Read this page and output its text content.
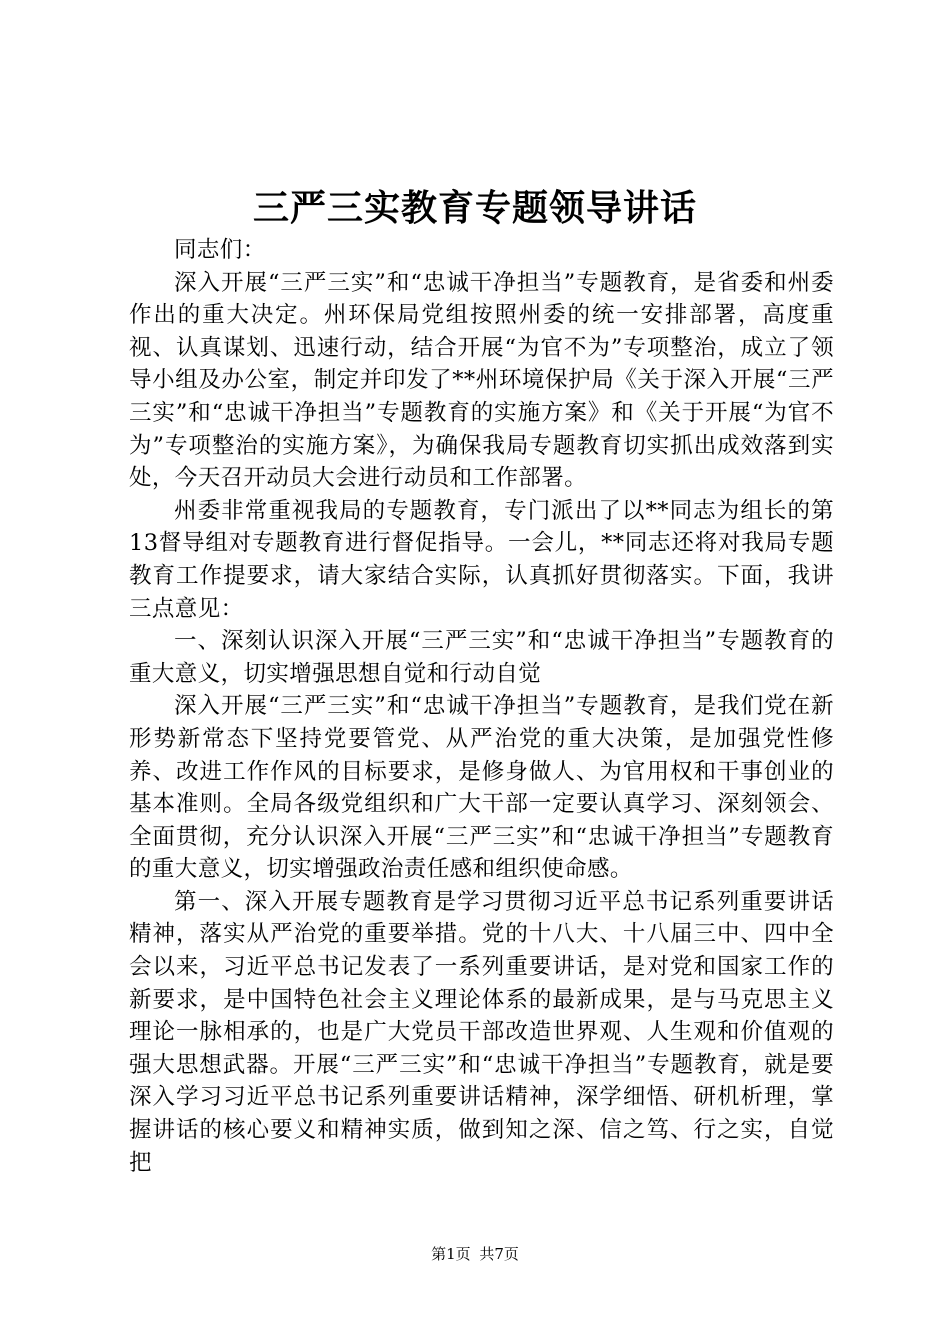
三严三实教育专题领导讲话

同志们：

深入开展“三严三实”和“忠诚干净担当”专题教育，是省委和州委作出的重大决定。州环保局党组按照州委的统一安排部署，高度重视、认真谋划、迅速行动，结合开展“为官不为”专项整治，成立了领导小组及办公室，制定并印发了**州环境保护局《关于深入开展“三严三实”和“忠诚干净担当”专题教育的实施方案》和《关于开展“为官不为”专项整治的实施方案》，为确保我局专题教育切实抓出成效落到实处，今天召开动员大会进行动员和工作部署。

州委非常重视我局的专题教育，专门派出了以**同志为组长的第13督导组对专题教育进行督促指导。一会儿，**同志还将对我局专题教育工作提要求，请大家结合实际，认真抓好贯彻落实。下面，我讲三点意见：

一、深刻认识深入开展“三严三实”和“忠诚干净担当”专题教育的重大意义，切实增强思想自觉和行动自觉

深入开展“三严三实”和“忠诚干净担当”专题教育，是我们党在新形势新常态下坚持党要管党、从严治党的重大决策，是加强党性修养、改进工作作风的目标要求，是修身做人、为官用权和干事创业的基本准则。全局各级党组织和广大干部一定要认真学习、深刻领会、全面贯彻，充分认识深入开展“三严三实”和“忠诚干净担当”专题教育的重大意义，切实增强政治责任感和组织使命感。

第一、深入开展专题教育是学习贯彻习近平总书记系列重要讲话精神，落实从严治党的重要举措。党的十八大、十八届三中、四中全会以来，习近平总书记发表了一系列重要讲话，是对党和国家工作的新要求，是中国特色社会主义理论体系的最新成果，是与马克思主义理论一脉相承的，也是广大党员干部改造世界观、人生观和价值观的强大思想武器。开展“三严三实”和“忠诚干净担当”专题教育，就是要深入学习习近平总书记系列重要讲话精神，深学细悟、研机析理，掌握讲话的核心要义和精神实质，做到知之深、信之笃、行之实，自觉把

第1页 共7页
